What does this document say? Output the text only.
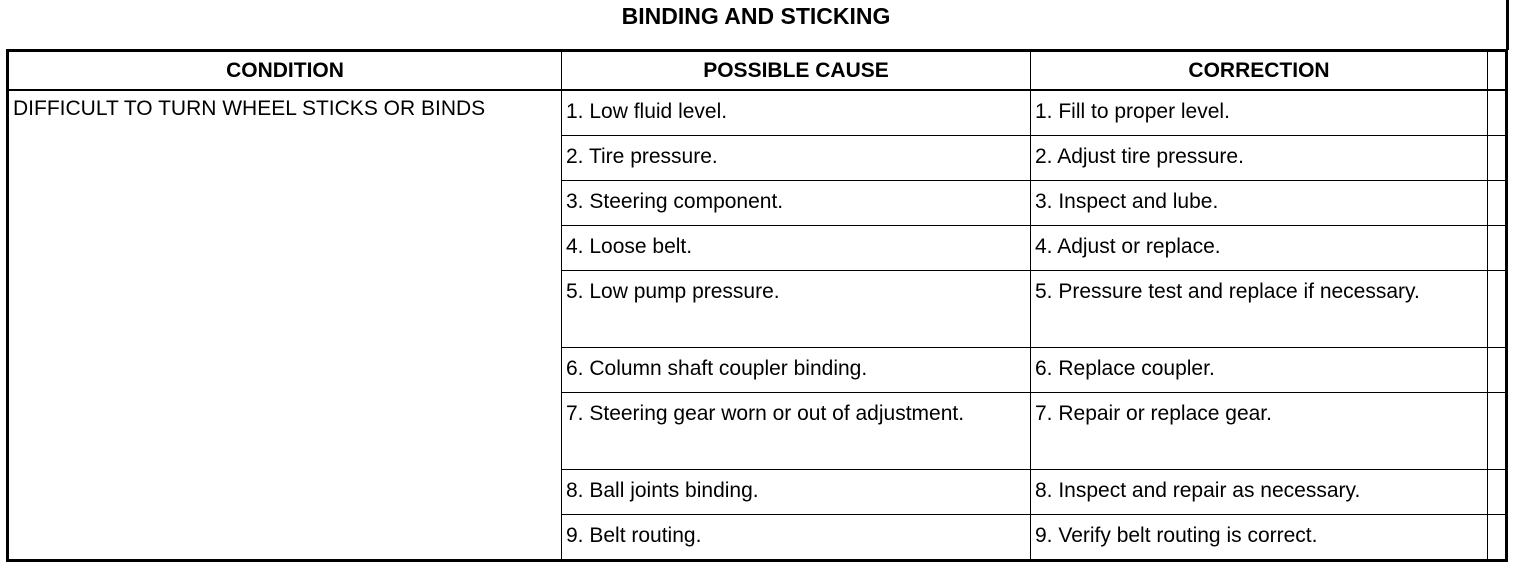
BINDING AND STICKING
CONDITION	POSSIBLE CAUSE	CORRECTION	
DIFFICULT TO TURN WHEEL STICKS OR BINDS	1. Low fluid level.	1. Fill to proper level.	
	2. Tire pressure.	2. Adjust tire pressure.	
	3. Steering component.	3. Inspect and lube.	
	4. Loose belt.	4. Adjust or replace.	
	5. Low pump pressure.	5. Pressure test and replace if necessary.	
	6. Column shaft coupler binding.	6. Replace coupler.	
	7. Steering gear worn or out of adjustment.	7. Repair or replace gear.	
	8. Ball joints binding.	8. Inspect and repair as necessary.	
	9. Belt routing.	9. Verify belt routing is correct.	
